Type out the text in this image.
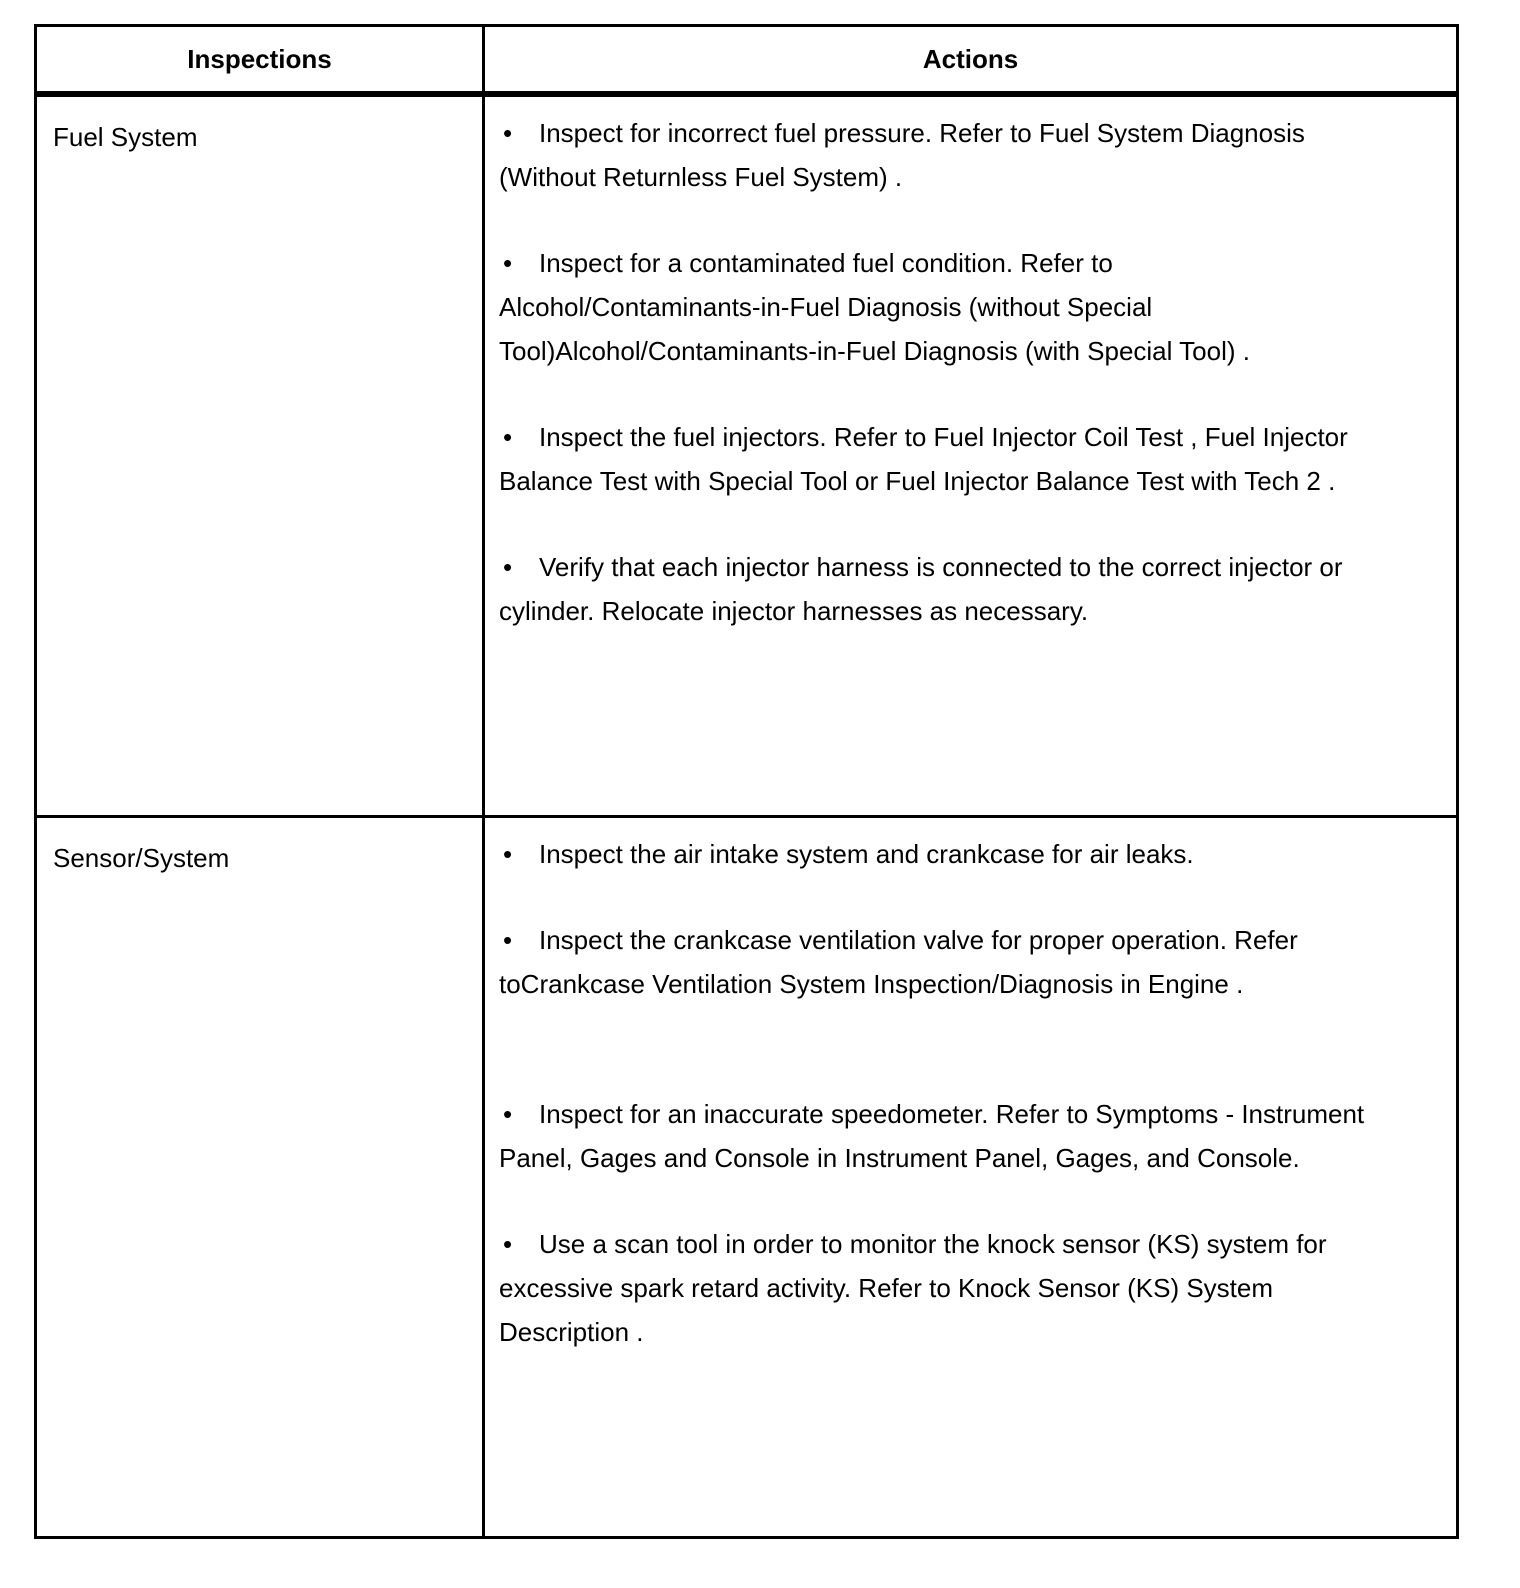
Inspections	Actions
Fuel System	• Inspect for incorrect fuel pressure. Refer to Fuel System Diagnosis (Without Returnless Fuel System) .
• Inspect for a contaminated fuel condition. Refer to Alcohol/Contaminants-in-Fuel Diagnosis (without Special Tool)Alcohol/Contaminants-in-Fuel Diagnosis (with Special Tool) .
• Inspect the fuel injectors. Refer to Fuel Injector Coil Test , Fuel Injector Balance Test with Special Tool or Fuel Injector Balance Test with Tech 2 .
• Verify that each injector harness is connected to the correct injector or cylinder. Relocate injector harnesses as necessary.

Sensor/System	• Inspect the air intake system and crankcase for air leaks.
• Inspect the crankcase ventilation valve for proper operation. Refer toCrankcase Ventilation System Inspection/Diagnosis in Engine .
• Inspect for an inaccurate speedometer. Refer to Symptoms - Instrument Panel, Gages and Console in Instrument Panel, Gages, and Console.
• Use a scan tool in order to monitor the knock sensor (KS) system for excessive spark retard activity. Refer to Knock Sensor (KS) System Description .
